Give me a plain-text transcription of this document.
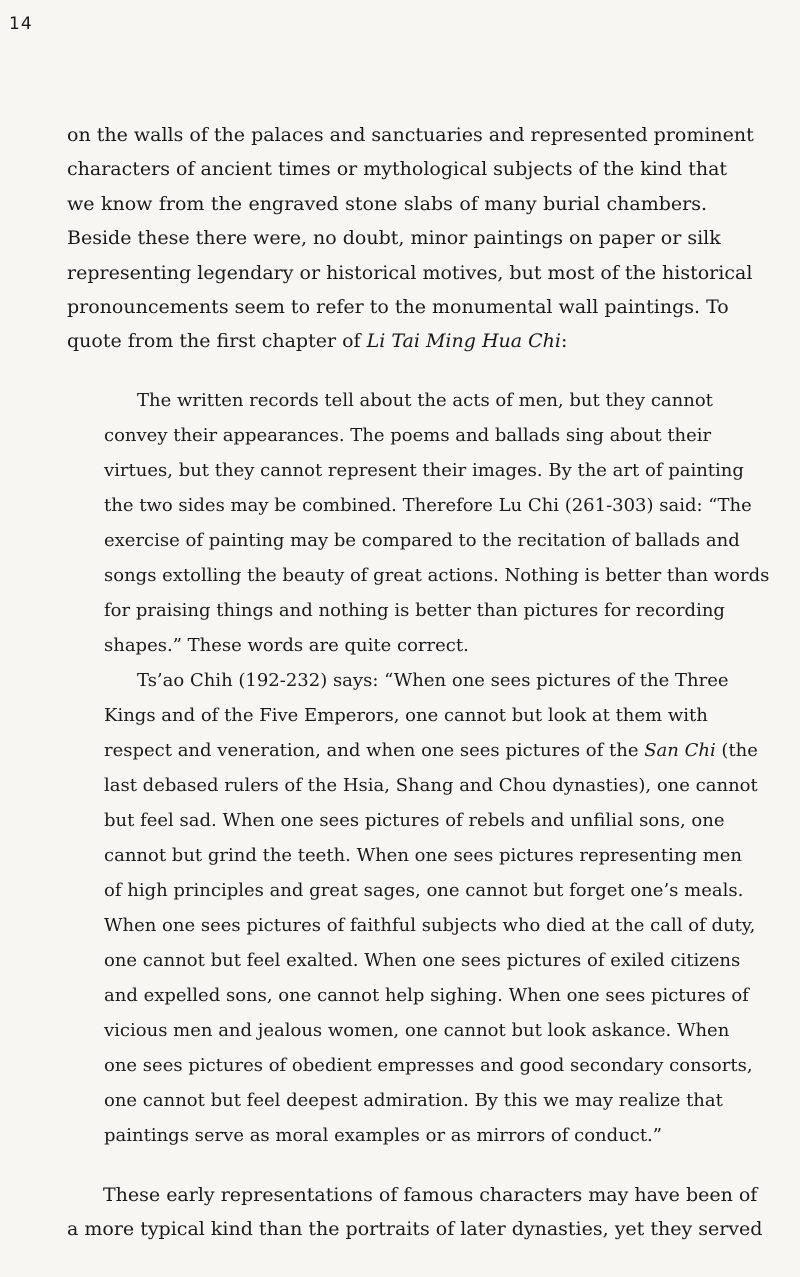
14
on the walls of the palaces and sanctuaries and represented prominent
characters of ancient times or mythological subjects of the kind that
we know from the engraved stone slabs of many burial chambers.
Beside these there were, no doubt, minor paintings on paper or silk
representing legendary or historical motives, but most of the historical
pronouncements seem to refer to the monumental wall paintings. To
quote from the first chapter of Li Tai Ming Hua Chi:
The written records tell about the acts of men, but they cannot
convey their appearances. The poems and ballads sing about their
virtues, but they cannot represent their images. By the art of painting
the two sides may be combined. Therefore Lu Chi (261-303) said: “The
exercise of painting may be compared to the recitation of ballads and
songs extolling the beauty of great actions. Nothing is better than words
for praising things and nothing is better than pictures for recording
shapes.” These words are quite correct.
Ts’ao Chih (192-232) says: “When one sees pictures of the Three
Kings and of the Five Emperors, one cannot but look at them with
respect and veneration, and when one sees pictures of the San Chi (the
last debased rulers of the Hsia, Shang and Chou dynasties), one cannot
but feel sad. When one sees pictures of rebels and unfilial sons, one
cannot but grind the teeth. When one sees pictures representing men
of high principles and great sages, one cannot but forget one’s meals.
When one sees pictures of faithful subjects who died at the call of duty,
one cannot but feel exalted. When one sees pictures of exiled citizens
and expelled sons, one cannot help sighing. When one sees pictures of
vicious men and jealous women, one cannot but look askance. When
one sees pictures of obedient empresses and good secondary consorts,
one cannot but feel deepest admiration. By this we may realize that
paintings serve as moral examples or as mirrors of conduct.”
These early representations of famous characters may have been of
a more typical kind than the portraits of later dynasties, yet they served
